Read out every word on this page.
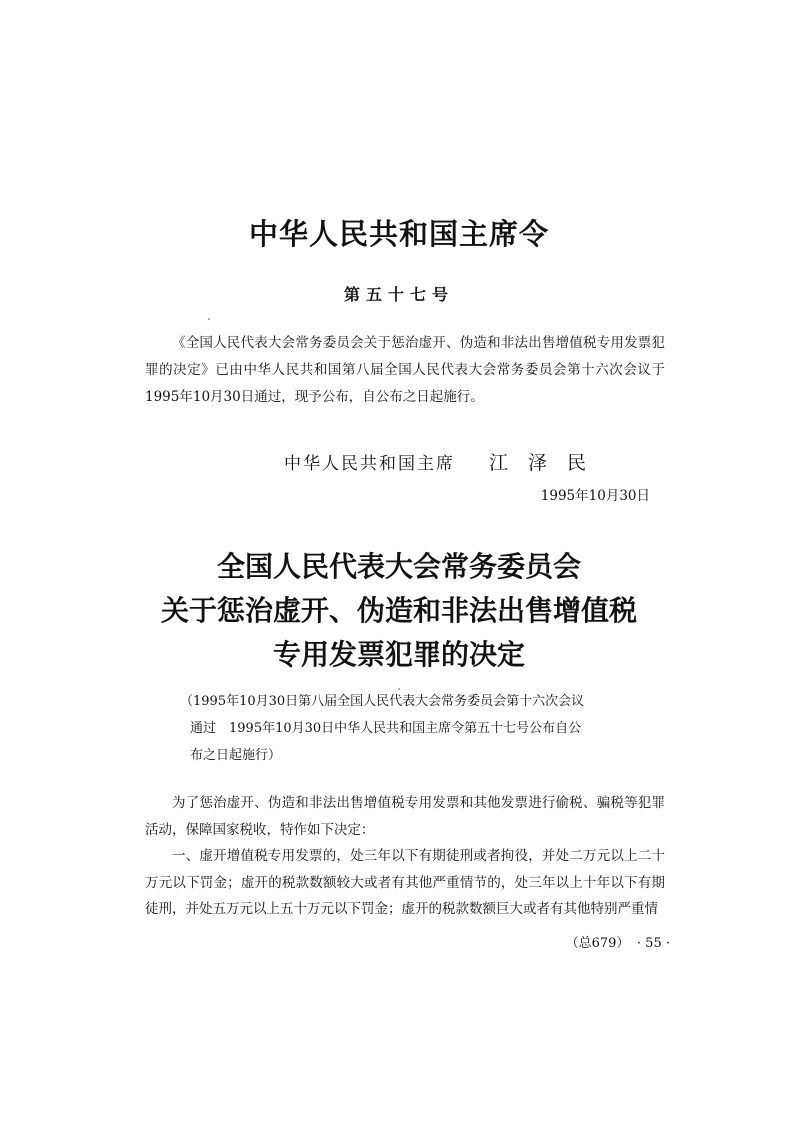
中华人民共和国主席令
第五十七号
《全国人民代表大会常务委员会关于惩治虚开、伪造和非法出售增值税专用发票犯罪的决定》已由中华人民共和国第八届全国人民代表大会常务委员会第十六次会议于1995年10月30日通过，现予公布，自公布之日起施行。
中华人民共和国主席 江泽民
1995年10月30日
全国人民代表大会常务委员会
关于惩治虚开、伪造和非法出售增值税
专用发票犯罪的决定
（1995年10月30日第八届全国人民代表大会常务委员会第十六次会议
通过　1995年10月30日中华人民共和国主席令第五十七号公布自公
布之日起施行）

为了惩治虚开、伪造和非法出售增值税专用发票和其他发票进行偷税、骗税等犯罪活动，保障国家税收，特作如下决定：

一、虚开增值税专用发票的，处三年以下有期徒刑或者拘役，并处二万元以上二十万元以下罚金；虚开的税款数额较大或者有其他严重情节的，处三年以上十年以下有期徒刑，并处五万元以上五十万元以下罚金；虚开的税款数额巨大或者有其他特别严重情

（总679） · 55 ·
